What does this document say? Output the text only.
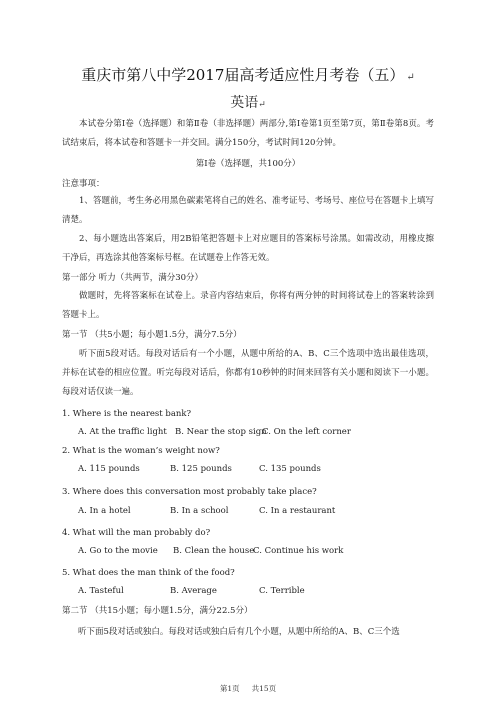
重庆市第八中学2017届高考适应性月考卷（五） ↵
英语↵
本试卷分第Ⅰ卷（选择题）和第Ⅱ卷（非选择题）两部分,第Ⅰ卷第1页至第7页，第Ⅱ卷第8页。考试结束后，将本试卷和答题卡一并交回。满分150分，考试时间120分钟。
第Ⅰ卷（选择题，共100分）
注意事项：
1、答题前，考生务必用黑色碳素笔将自己的姓名、准考证号、考场号、座位号在答题卡上填写清楚。
2、每小题选出答案后，用2B铅笔把答题卡上对应题目的答案标号涂黑。如需改动，用橡皮擦干净后，再选涂其他答案标号框。在试题卷上作答无效。
第一部分 听力（共两节，满分30分）
做题时，先将答案标在试卷上。录音内容结束后，你将有两分钟的时间将试卷上的答案转涂到答题卡上。
第一节 （共5小题；每小题1.5分，满分7.5分）
听下面5段对话。每段对话后有一个小题，从题中所给的A、B、C三个选项中选出最佳选项，并标在试卷的相应位置。听完每段对话后，你都有10秒钟的时间来回答有关小题和阅读下一小题。每段对话仅读一遍。
1. Where is the nearest bank?
A. At the traffic light B. Near the stop sign
C. On the left corner
2. What is the woman’s weight now?
A. 115 pounds	B. 125 pounds	C. 135 pounds
3. Where does this conversation most probably take place?
A. In a hotel	B. In a school	C. In a restaurant
4. What will the man probably do?
A. Go to the movie B. Clean the house
C. Continue his work
5. What does the man think of the food?
A. Tasteful	B. Average	C. Terrible
第二节 （共15小题；每小题1.5分，满分22.5分）
听下面5段对话或独白。每段对话或独白后有几个小题，从题中所给的A、B、C三个选
第1页 共15页
